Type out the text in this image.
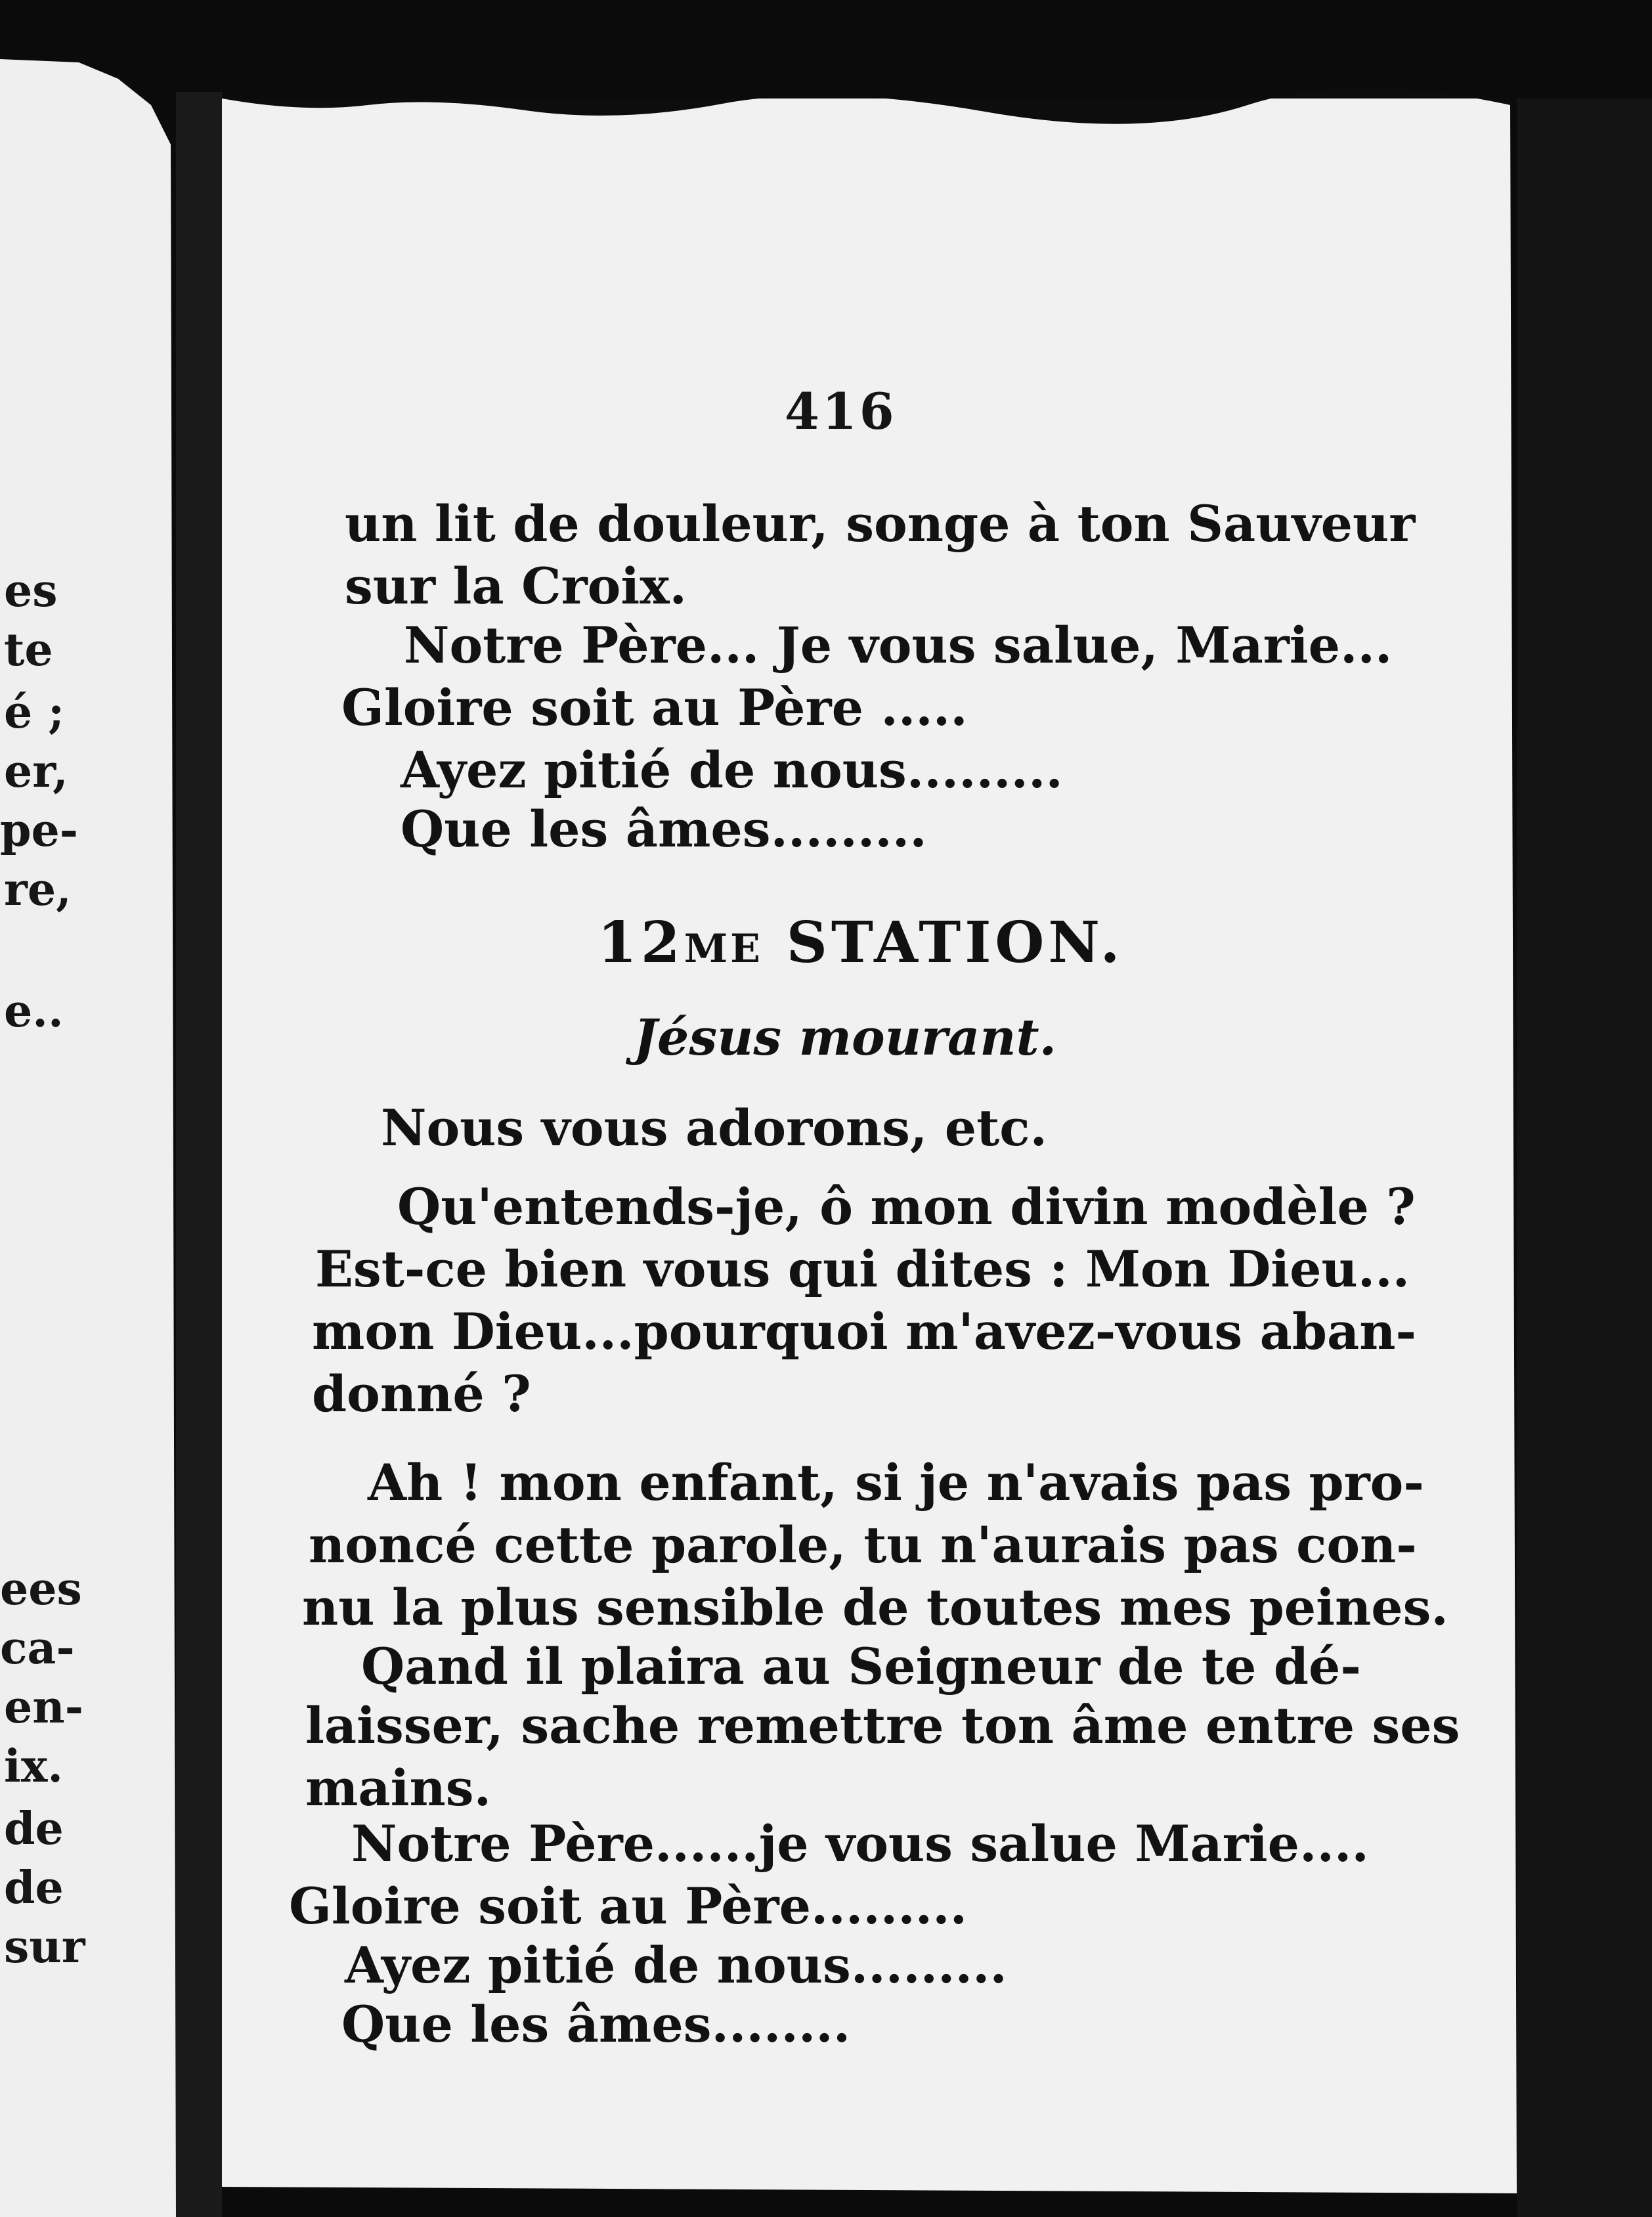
es
te
é ;
er,
pe-
re,
e..
ees
ca-
en-
ix.
de
de
sur
416
un lit de douleur, songe à ton Sauveur
sur la Croix.
Notre Père... Je vous salue, Marie...
Gloire soit au Père .....
Ayez pitié de nous.........
Que les âmes.........
12ME STATION.
Jésus mourant.
Nous vous adorons, etc.
Qu'entends-je, ô mon divin modèle ?
Est-ce bien vous qui dites : Mon Dieu...
mon Dieu...pourquoi m'avez-vous aban-
donné ?
Ah ! mon enfant, si je n'avais pas pro-
noncé cette parole, tu n'aurais pas con-
nu la plus sensible de toutes mes peines.
Qand il plaira au Seigneur de te dé-
laisser, sache remettre ton âme entre ses
mains.
Notre Père......je vous salue Marie....
Gloire soit au Père.........
Ayez pitié de nous.........
Que les âmes........
